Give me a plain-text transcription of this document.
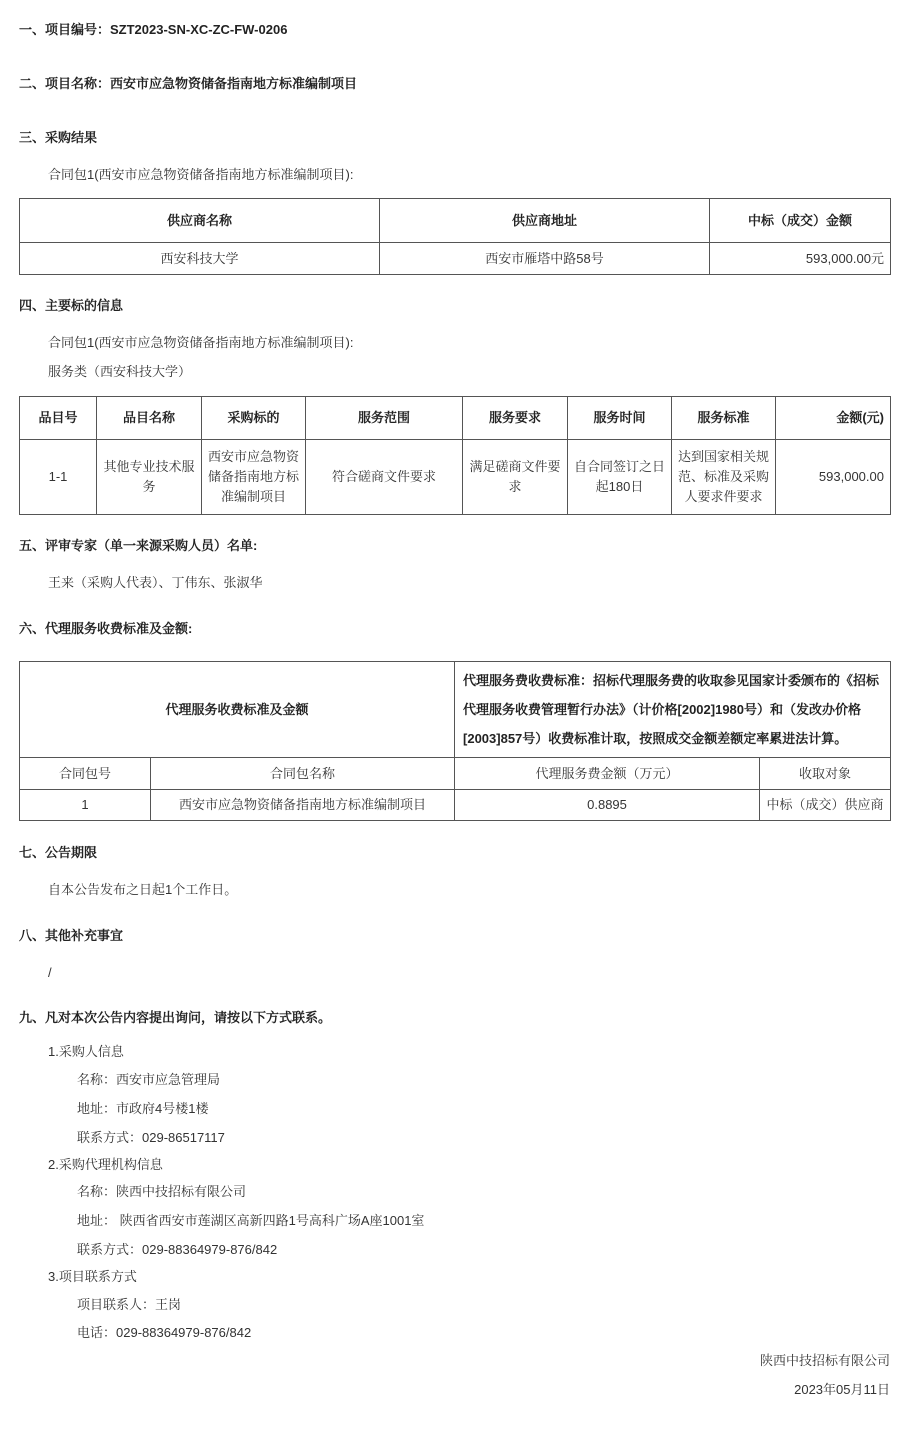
一、项目编号：SZT2023-SN-XC-ZC-FW-0206
二、项目名称：西安市应急物资储备指南地方标准编制项目
三、采购结果
合同包1(西安市应急物资储备指南地方标准编制项目):
供应商名称	供应商地址	中标（成交）金额
西安科技大学	西安市雁塔中路58号	593,000.00元
四、主要标的信息
合同包1(西安市应急物资储备指南地方标准编制项目):
服务类（西安科技大学）
品目号	品目名称	采购标的	服务范围	服务要求	服务时间	服务标准	金额(元)
1-1	其他专业技术服务	西安市应急物资储备指南地方标准编制项目	符合磋商文件要求	满足磋商文件要求	自合同签订之日起180日	达到国家相关规范、标准及采购人要求件要求	593,000.00
五、评审专家（单一来源采购人员）名单:
王来（采购人代表）、丁伟东、张淑华
六、代理服务收费标准及金额:
代理服务收费标准及金额		代理服务费收费标准：招标代理服务费的收取参见国家计委颁布的《招标代理服务收费管理暂行办法》（计价格[2002]1980号）和（发改办价格[2003]857号）收费标准计取，按照成交金额差额定率累进法计算。	
合同包号	合同包名称	代理服务费金额（万元）	收取对象
1	西安市应急物资储备指南地方标准编制项目	0.8895	中标（成交）供应商
七、公告期限
自本公告发布之日起1个工作日。
八、其他补充事宜
/
九、凡对本次公告内容提出询问，请按以下方式联系。
1.采购人信息
名称：西安市应急管理局
地址：市政府4号楼1楼
联系方式：029-86517117
2.采购代理机构信息
名称：陕西中技招标有限公司
地址： 陕西省西安市莲湖区高新四路1号高科广场A座1001室
联系方式：029-88364979-876/842
3.项目联系方式
项目联系人：王岗
电话：029-88364979-876/842
陕西中技招标有限公司
2023年05月11日
